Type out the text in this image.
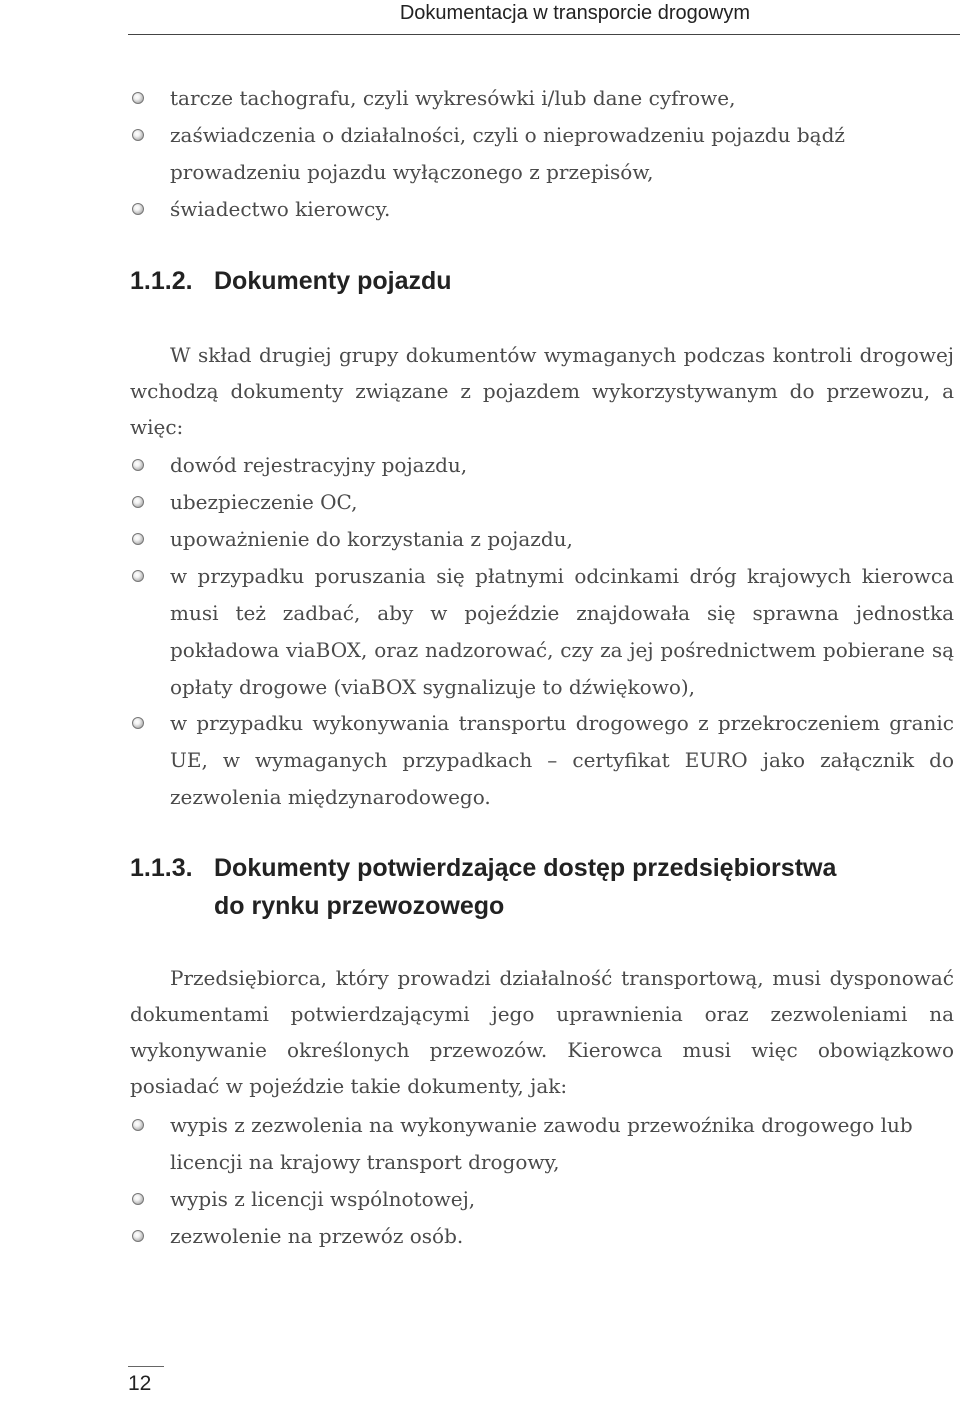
Dokumentacja w transporcie drogowym
tarcze tachografu, czyli wykresówki i/lub dane cyfrowe,
zaświadczenia o działalności, czyli o nieprowadzeniu pojazdu bądź prowadzeniu pojazdu wyłączonego z przepisów,
świadectwo kierowcy.
1.1.2. Dokumenty pojazdu
W skład drugiej grupy dokumentów wymaganych podczas kontroli drogowej wchodzą dokumenty związane z pojazdem wykorzystywanym do przewozu, a więc:
dowód rejestracyjny pojazdu,
ubezpieczenie OC,
upoważnienie do korzystania z pojazdu,
w przypadku poruszania się płatnymi odcinkami dróg krajowych kierowca musi też zadbać, aby w pojeździe znajdowała się sprawna jednostka pokładowa viaBOX, oraz nadzorować, czy za jej pośrednictwem pobierane są opłaty drogowe (viaBOX sygnalizuje to dźwiękowo),
w przypadku wykonywania transportu drogowego z przekroczeniem granic UE, w wymaganych przypadkach – certyfikat EURO jako załącznik do zezwolenia międzynarodowego.
1.1.3. Dokumenty potwierdzające dostęp przedsiębiorstwa
do rynku przewozowego
Przedsiębiorca, który prowadzi działalność transportową, musi dysponować dokumentami potwierdzającymi jego uprawnienia oraz zezwoleniami na wykonywanie określonych przewozów. Kierowca musi więc obowiązkowo posiadać w pojeździe takie dokumenty, jak:
wypis z zezwolenia na wykonywanie zawodu przewoźnika drogowego lub licencji na krajowy transport drogowy,
wypis z licencji wspólnotowej,
zezwolenie na przewóz osób.
12
